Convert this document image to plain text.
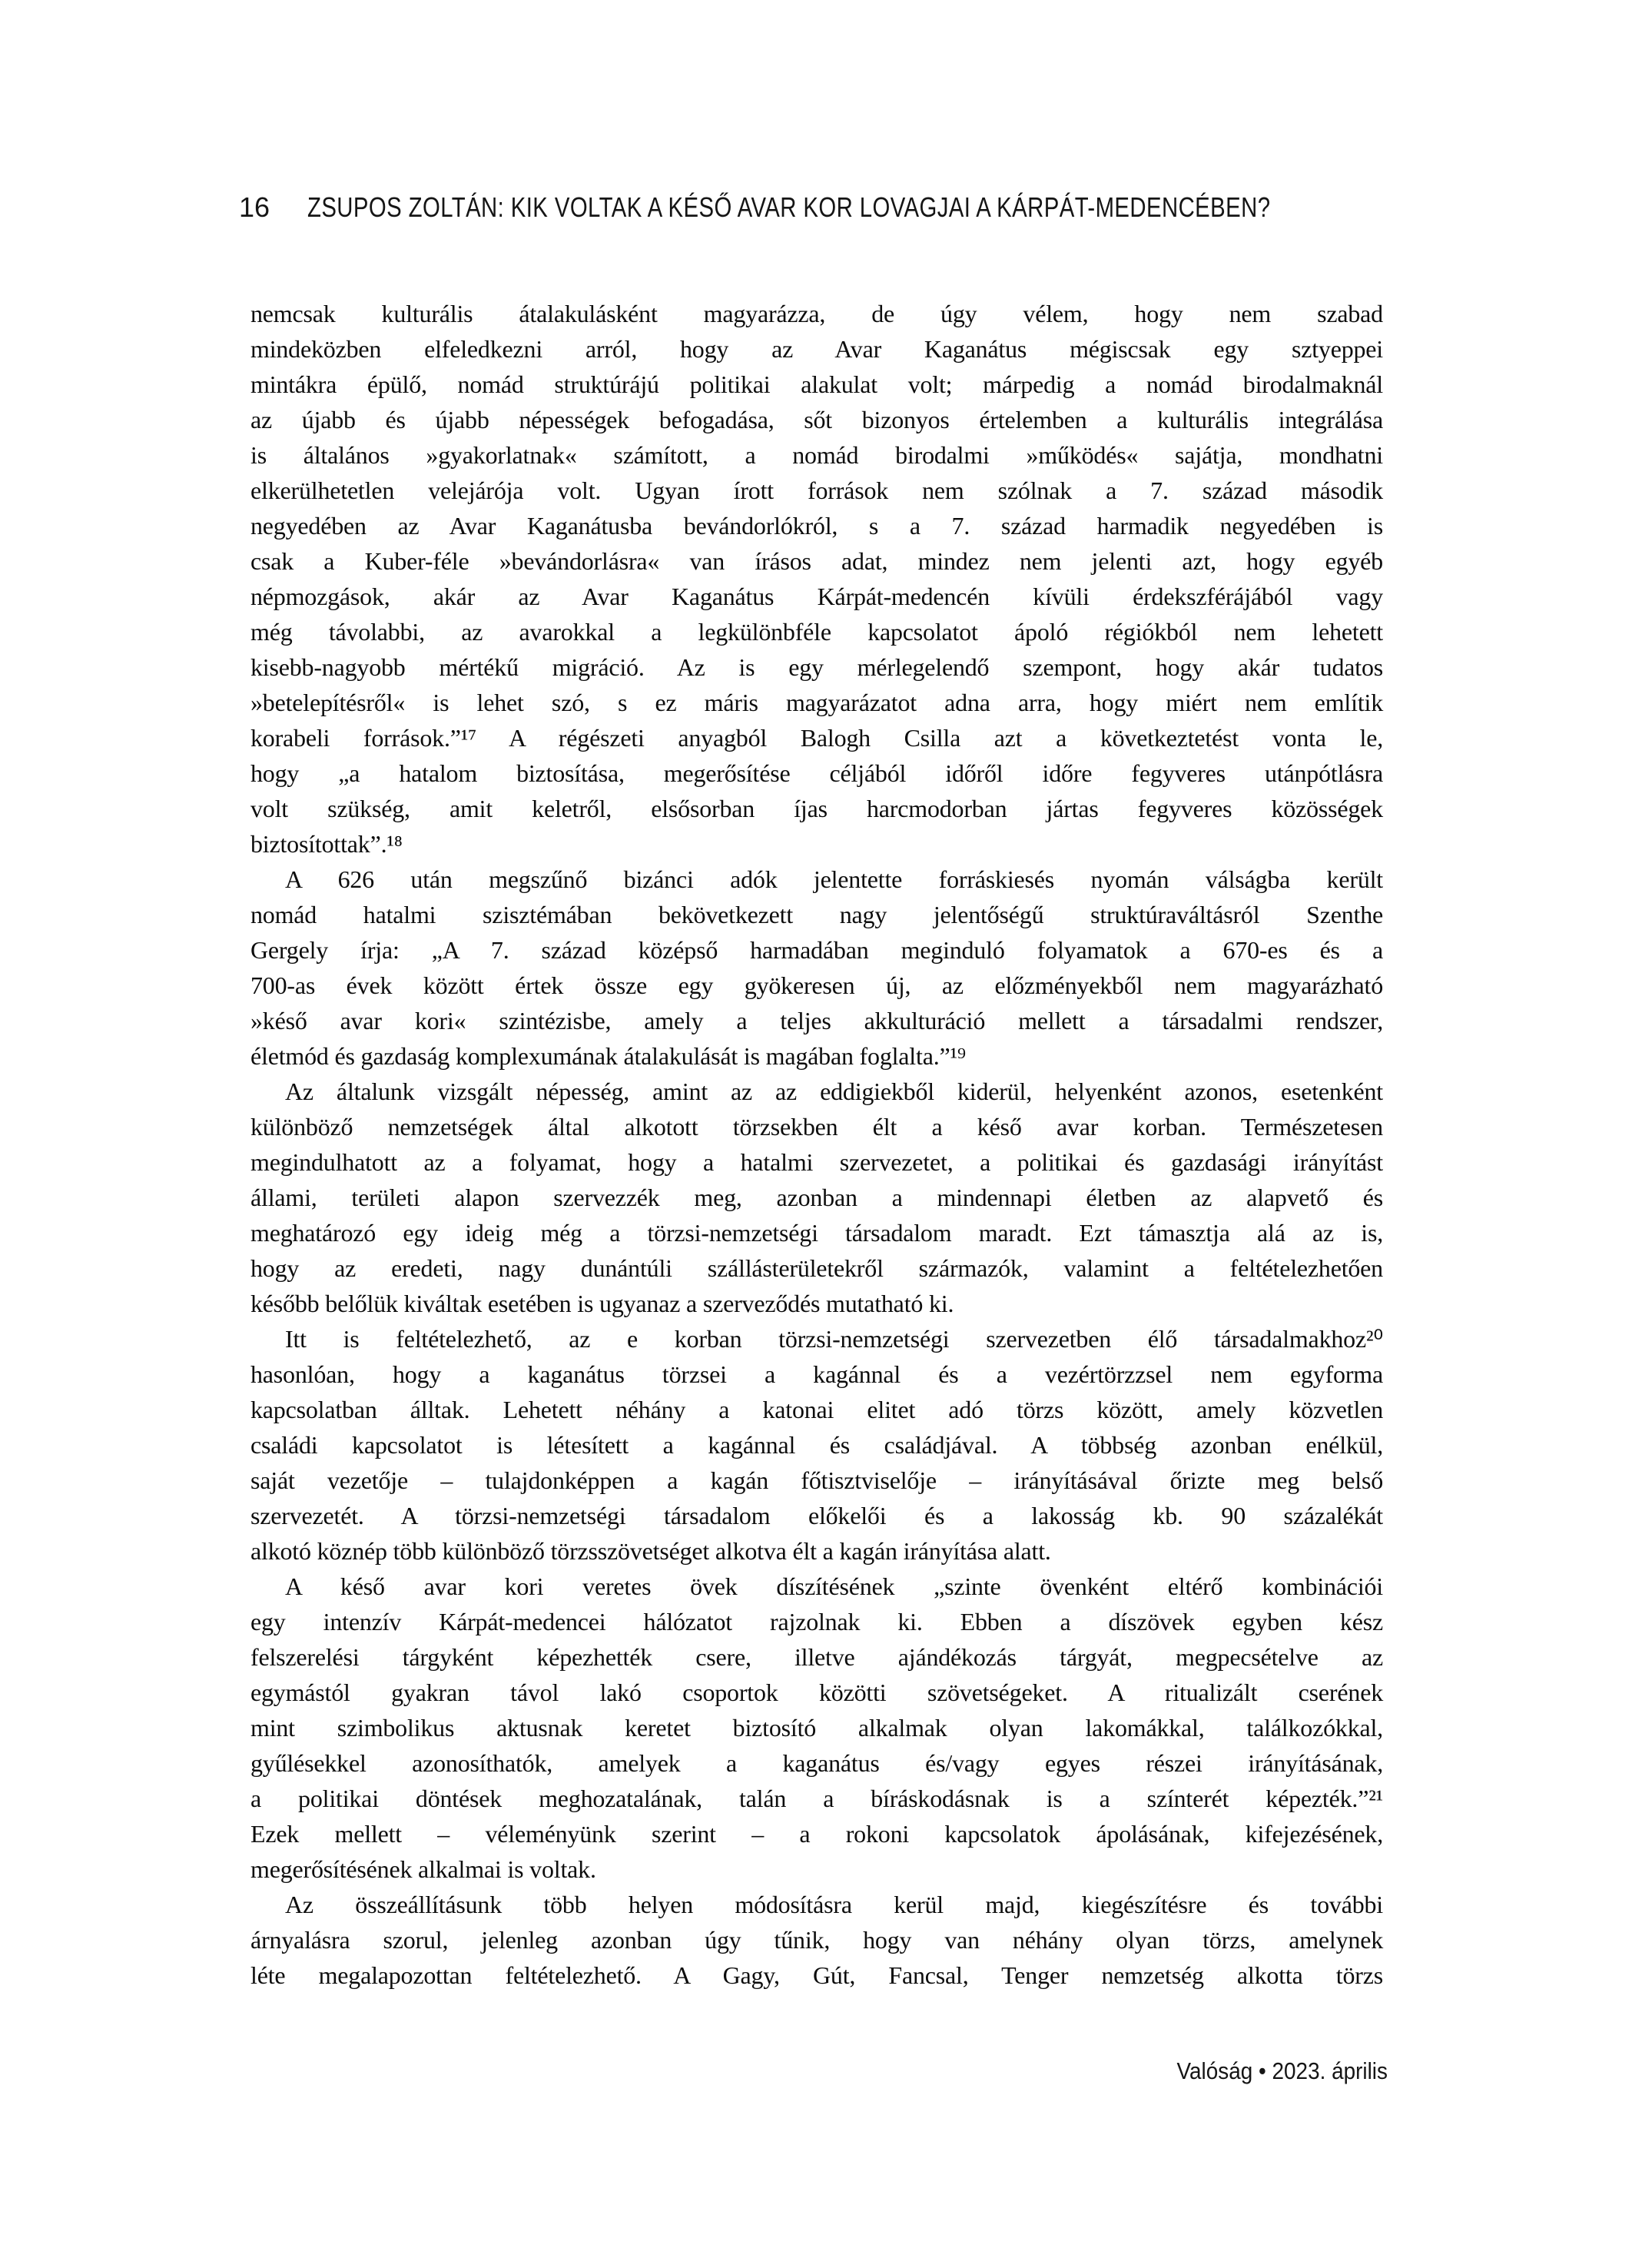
16	ZSUPOS ZOLTÁN: KIK VOLTAK A KÉSŐ AVAR KOR LOVAGJAI A KÁRPÁT-MEDENCÉBEN?
nemcsak kulturális átalakulásként magyarázza, de úgy vélem, hogy nem szabad
mindeközben elfeledkezni arról, hogy az Avar Kaganátus mégiscsak egy sztyeppei
mintákra épülő, nomád struktúrájú politikai alakulat volt; márpedig a nomád birodalmaknál
az újabb és újabb népességek befogadása, sőt bizonyos értelemben a kulturális integrálása
is általános »gyakorlatnak« számított, a nomád birodalmi »működés« sajátja, mondhatni
elkerülhetetlen velejárója volt. Ugyan írott források nem szólnak a 7. század második
negyedében az Avar Kaganátusba bevándorlókról, s a 7. század harmadik negyedében is
csak a Kuber-féle »bevándorlásra« van írásos adat, mindez nem jelenti azt, hogy egyéb
népmozgások, akár az Avar Kaganátus Kárpát-medencén kívüli érdekszférájából vagy
még távolabbi, az avarokkal a legkülönbféle kapcsolatot ápoló régiókból nem lehetett
kisebb-nagyobb mértékű migráció. Az is egy mérlegelendő szempont, hogy akár tudatos
»betelepítésről« is lehet szó, s ez máris magyarázatot adna arra, hogy miért nem említik
korabeli források.”¹⁷ A régészeti anyagból Balogh Csilla azt a következtetést vonta le,
hogy „a hatalom biztosítása, megerősítése céljából időről időre fegyveres utánpótlásra
volt szükség, amit keletről, elsősorban íjas harcmodorban jártas fegyveres közösségek
biztosítottak”.¹⁸
A 626 után megszűnő bizánci adók jelentette forráskiesés nyomán válságba került
nomád hatalmi szisztémában bekövetkezett nagy jelentőségű struktúraváltásról Szenthe
Gergely írja: „A 7. század középső harmadában meginduló folyamatok a 670-es és a
700-as évek között értek össze egy gyökeresen új, az előzményekből nem magyarázható
»késő avar kori« szintézisbe, amely a teljes akkulturáció mellett a társadalmi rendszer,
életmód és gazdaság komplexumának átalakulását is magában foglalta.”¹⁹
Az általunk vizsgált népesség, amint az az eddigiekből kiderül, helyenként azonos, esetenként
különböző nemzetségek által alkotott törzsekben élt a késő avar korban. Természetesen
megindulhatott az a folyamat, hogy a hatalmi szervezetet, a politikai és gazdasági irányítást
állami, területi alapon szervezzék meg, azonban a mindennapi életben az alapvető és
meghatározó egy ideig még a törzsi-nemzetségi társadalom maradt. Ezt támasztja alá az is,
hogy az eredeti, nagy dunántúli szállásterületekről származók, valamint a feltételezhetően
később belőlük kiváltak esetében is ugyanaz a szerveződés mutatható ki.
Itt is feltételezhető, az e korban törzsi-nemzetségi szervezetben élő társadalmakhoz²⁰
hasonlóan, hogy a kaganátus törzsei a kagánnal és a vezértörzzsel nem egyforma
kapcsolatban álltak. Lehetett néhány a katonai elitet adó törzs között, amely közvetlen
családi kapcsolatot is létesített a kagánnal és családjával. A többség azonban enélkül,
saját vezetője – tulajdonképpen a kagán főtisztviselője – irányításával őrizte meg belső
szervezetét. A törzsi-nemzetségi társadalom előkelői és a lakosság kb. 90 százalékát
alkotó köznép több különböző törzsszövetséget alkotva élt a kagán irányítása alatt.
A késő avar kori veretes övek díszítésének „szinte övenként eltérő kombinációi
egy intenzív Kárpát-medencei hálózatot rajzolnak ki. Ebben a díszövek egyben kész
felszerelési tárgyként képezhették csere, illetve ajándékozás tárgyát, megpecsételve az
egymástól gyakran távol lakó csoportok közötti szövetségeket. A ritualizált cserének
mint szimbolikus aktusnak keretet biztosító alkalmak olyan lakomákkal, találkozókkal,
gyűlésekkel azonosíthatók, amelyek a kaganátus és/vagy egyes részei irányításának,
a politikai döntések meghozatalának, talán a bíráskodásnak is a színterét képezték.”²¹
Ezek mellett – véleményünk szerint – a rokoni kapcsolatok ápolásának, kifejezésének,
megerősítésének alkalmai is voltak.
Az összeállításunk több helyen módosításra kerül majd, kiegészítésre és további
árnyalásra szorul, jelenleg azonban úgy tűnik, hogy van néhány olyan törzs, amelynek
léte megalapozottan feltételezhető. A Gagy, Gút, Fancsal, Tenger nemzetség alkotta törzs
Valóság • 2023. április
